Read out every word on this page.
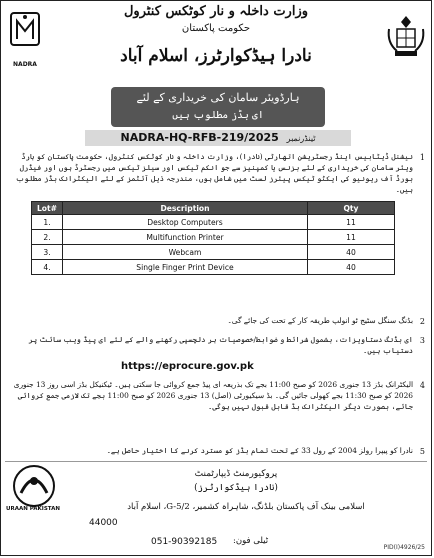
NADRA
وزارت داخلہ و نار کوٹکس کنٹرول
حکومت پاکستان
نادرا ہیڈکوارٹرز، اسلام آباد
ہارڈویئر سامان کی خریداری کے لئے
ای بڈز مطلوب ہیں
NADRA-HQ-RFB-219/2025 ٹینڈرنمبر
1
نیشنل ڈیٹابیس اینڈ رجسٹریشن اتھارٹی (نادرا)، وزارت داخلہ و نار کوٹکس کنٹرول، حکومت پاکستان کو ہارڈ ویئر سامان کی خریداری کے لئے بزنس یا کمپنیز سے جو انکم ٹیکس اور سیلز ٹیکس میں رجسٹرڈ ہوں اور فیڈرل بورڈ آف ریونیو کی ایکٹو ٹیکس پیئرز لسٹ میں شامل ہوں، مندرجہ ذیل آئٹمز کے لئے الیکٹرانک بڈز مطلوب ہیں۔
Lot#	Description	Qty
1.	Desktop Computers	11
2.	Multifunction Printer	11
3.	Webcam	40
4.	Single Finger Print Device	40
2
بڈنگ سنگل سٹیج ٹو انولپ طریقہ کار کے تحت کی جائے گی۔
3
ای بڈنگ دستاویزات، بشمول شرائط و ضوابط/خصوصیات ہر دلچسپی رکھنے والے کے لئے ای پیڈ ویب سائٹ پر دستیاب ہیں۔
https://eprocure.gov.pk
4
الیکٹرانک بڈز 13 جنوری 2026 کو صبح 11:00 بجے تک بذریعہ ای پیڈ جمع کروائی جا سکتی ہیں۔ ٹیکنیکل بڈز اسی روز 13 جنوری 2026 کو صبح 11:30 بجے کھولی جائیں گی۔ بڈ سیکیورٹی (اصل) 13 جنوری 2026 کو صبح 11:00 بجے تک لازمی جمع کروائی جائے، بصورت دیگر الیکٹرانک بڈ قابل قبول نہیں ہوگی۔
5
نادرا کو پیپرا رولز 2004 کے رول 33 کے تحت تمام بڈز کو مسترد کرنے کا اختیار حاصل ہے۔
URAAN PAKISTAN
پروکیورمنٹ ڈیپارٹمنٹ
(نادرا ہیڈکوارٹرز)
اسلامی بینک آف پاکستان بلڈنگ، شاہراہ کشمیر، G-5/2، اسلام آباد
44000
051-90392185 ٹیلی فون:
PID(I)4926/25
